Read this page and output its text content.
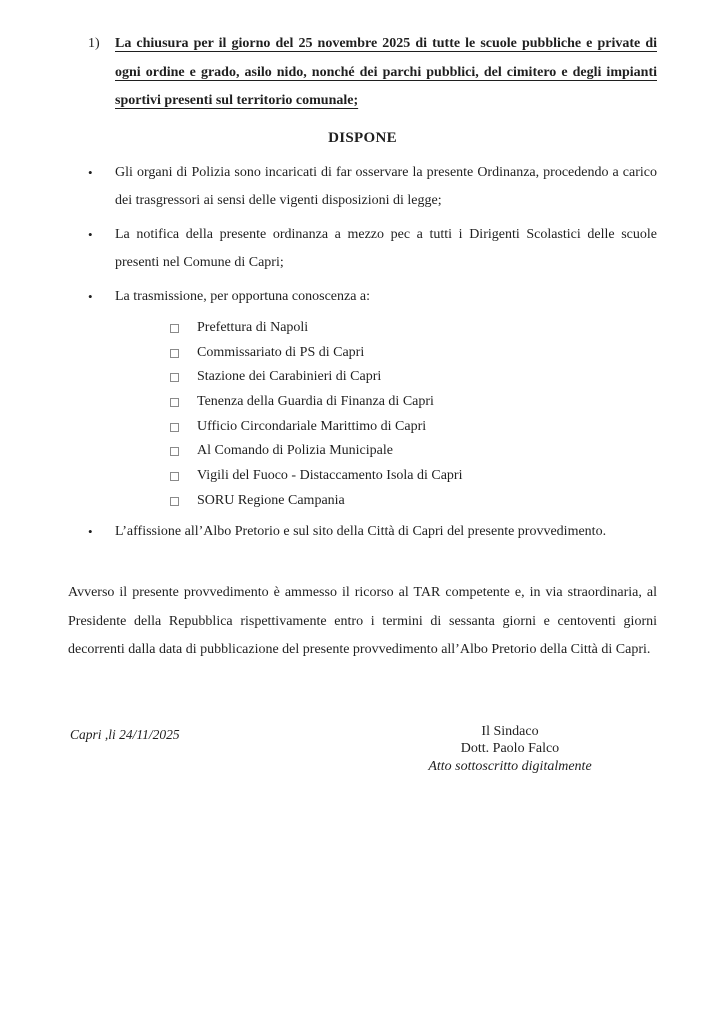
1)	La chiusura per il giorno del 25 novembre 2025 di tutte le scuole pubbliche e private di ogni ordine e grado, asilo nido, nonché dei parchi pubblici, del cimitero e degli impianti sportivi presenti sul territorio comunale;
DISPONE
•	Gli organi di Polizia sono incaricati di far osservare la presente Ordinanza, procedendo a carico dei trasgressori ai sensi delle vigenti disposizioni di legge;
•	La notifica della presente ordinanza a mezzo pec a tutti i Dirigenti Scolastici delle scuole presenti nel Comune di Capri;
•	La trasmissione, per opportuna conoscenza a:
Prefettura di Napoli
Commissariato di PS di Capri
Stazione dei Carabinieri di Capri
Tenenza della Guardia di Finanza di Capri
Ufficio Circondariale Marittimo di Capri
Al Comando di Polizia Municipale
Vigili del Fuoco - Distaccamento Isola di Capri
SORU Regione Campania
•	L’affissione all’Albo Pretorio e sul sito della Città di Capri del presente provvedimento.

Avverso il presente provvedimento è ammesso il ricorso al TAR competente e, in via straordinaria, al Presidente della Repubblica rispettivamente entro i termini di sessanta giorni e centoventi giorni decorrenti dalla data di pubblicazione del presente provvedimento all’Albo Pretorio della Città di Capri.

Capri ,li 24/11/2025	Il Sindaco
Dott. Paolo Falco
Atto sottoscritto digitalmente
